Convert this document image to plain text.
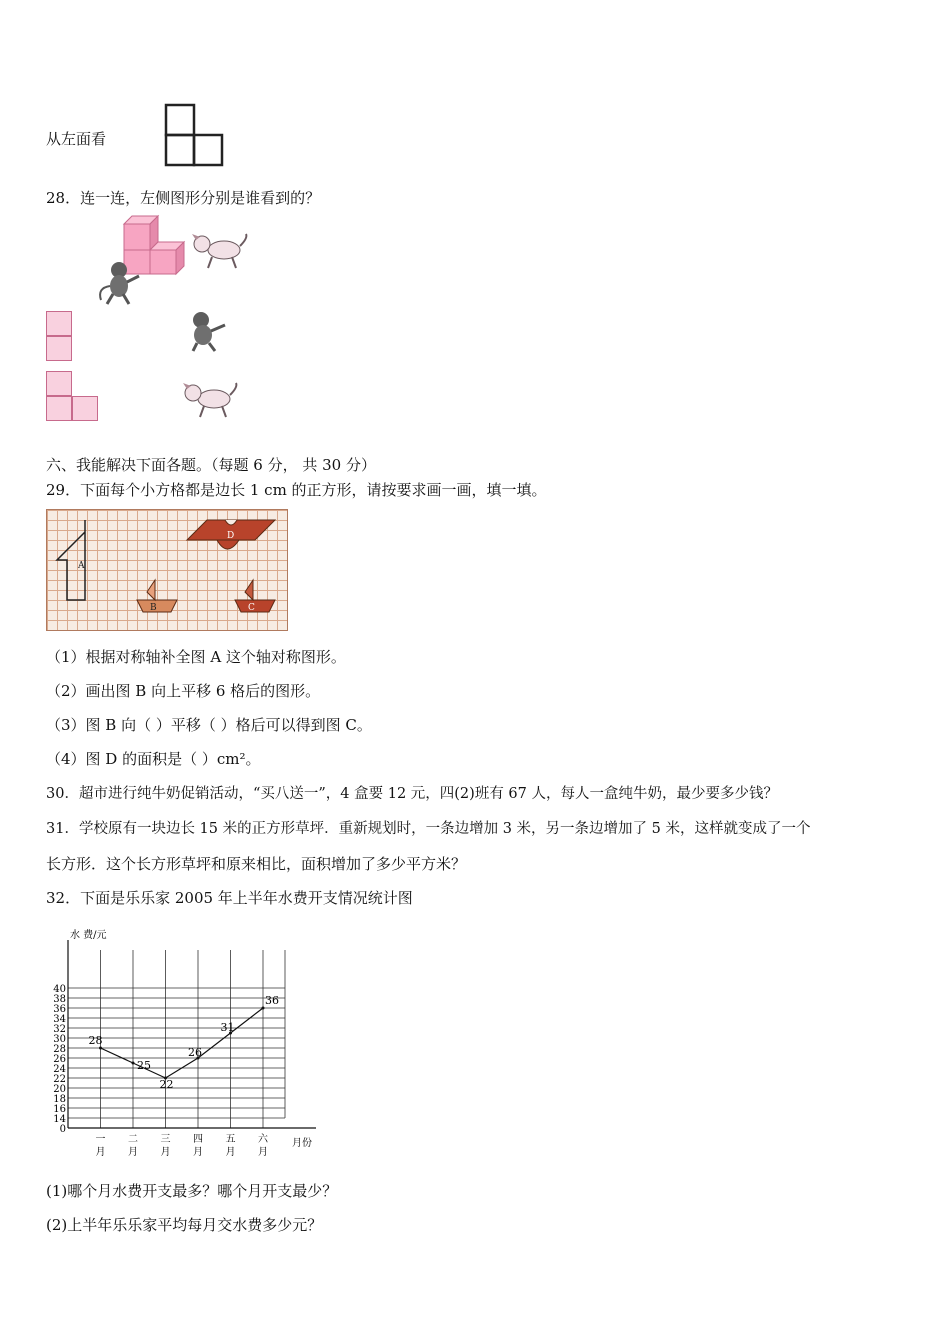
从左面看
28．连一连，左侧图形分别是谁看到的？
六、我能解决下面各题。（每题 6 分， 共 30 分）
29．下面每个小方格都是边长 1 cm 的正方形，请按要求画一画，填一填。
A
B	C
D
（1）根据对称轴补全图 A 这个轴对称图形。
（2）画出图 B 向上平移 6 格后的图形。
（3）图 B 向（ ）平移（ ）格后可以得到图 C。
（4）图 D 的面积是（ ）cm²。
30．超市进行纯牛奶促销活动，“买八送一”，4 盒要 12 元，四(2)班有 67 人，每人一盒纯牛奶，最少要多少钱？
31．学校原有一块边长 15 米的正方形草坪．重新规划时，一条边增加 3 米，另一条边增加了 5 米，这样就变成了一个
长方形．这个长方形草坪和原来相比，面积增加了多少平方米？
32．下面是乐乐家 2005 年上半年水费开支情况统计图
水 费/元
月份
0
14
16
18
20
22
24
26
28
30
32
34
36
38
40
一
月
二
月
三
月
四
月
五
月
六
月
28
25
22
26
31
36
(1)哪个月水费开支最多？哪个月开支最少？
(2)上半年乐乐家平均每月交水费多少元？
